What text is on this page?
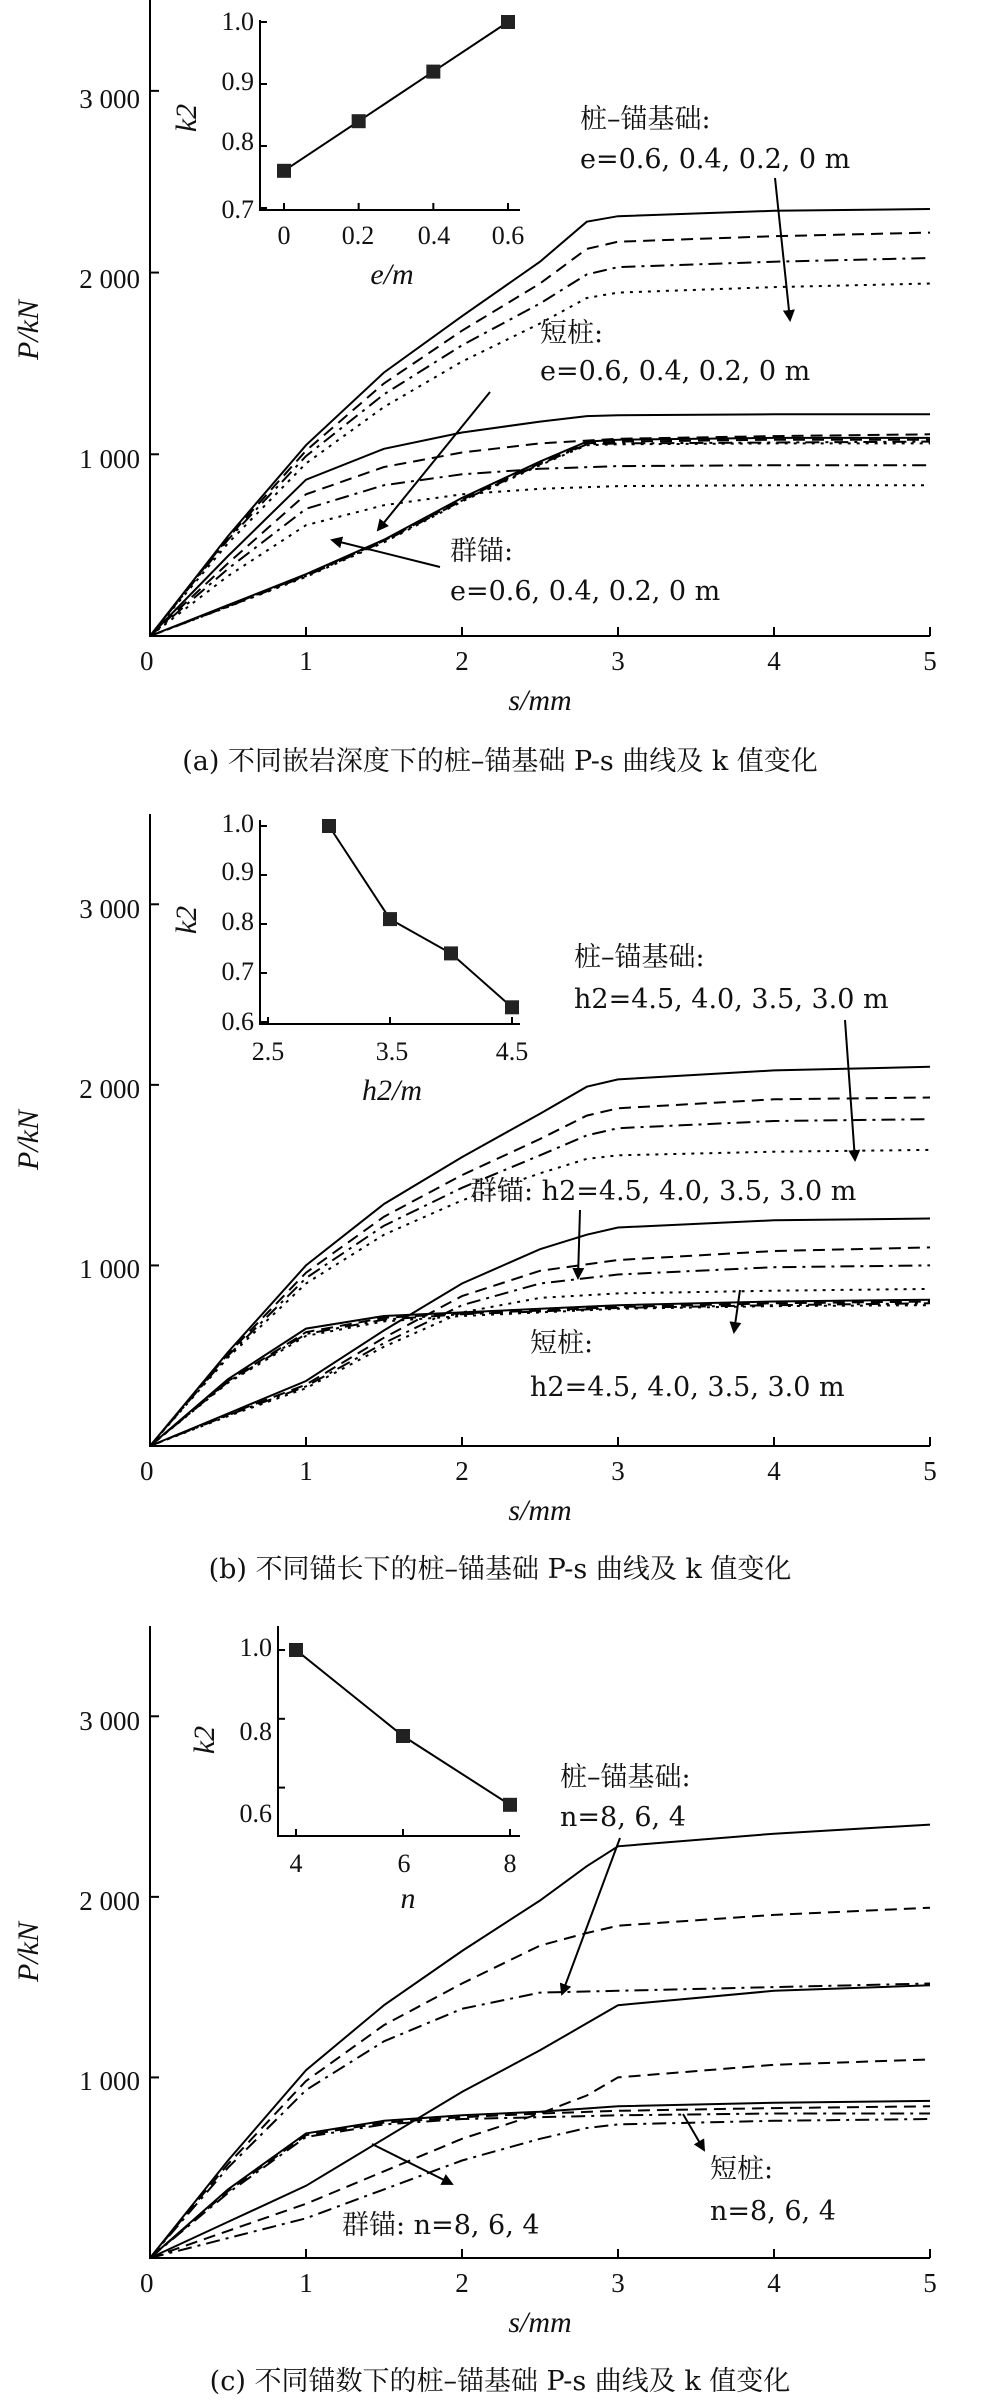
3 000
2 000
1 000
0	1	2	3	4	5
s/mm
P/kN
桩–锚基础:
e=0.6, 0.4, 0.2, 0 m
短桩:
e=0.6, 0.4, 0.2, 0 m
群锚:
e=0.6, 0.4, 0.2, 0 m
1.0
0.9
0.8
0.7
0 0.2 0.4 0.6
e/m
k2
(a) 不同嵌岩深度下的桩–锚基础 P-s 曲线及 k 值变化
3 000
2 000
1 000
0	1	2	3	4	5
s/mm
P/kN
桩–锚基础:
h2=4.5, 4.0, 3.5, 3.0 m
群锚: h2=4.5, 4.0, 3.5, 3.0 m
短桩:
h2=4.5, 4.0, 3.5, 3.0 m
1.0
0.9
0.8
0.7
0.6
2.5	3.5	4.5
h2/m
k2
(b) 不同锚长下的桩–锚基础 P-s 曲线及 k 值变化
3 000
2 000
1 000
0	1	2	3	4	5
s/mm
P/kN
桩–锚基础:
n=8, 6, 4
短桩:
n=8, 6, 4
群锚: n=8, 6, 4
1.0
0.8
0.6
4	6	8
n
k2
(c) 不同锚数下的桩–锚基础 P-s 曲线及 k 值变化
